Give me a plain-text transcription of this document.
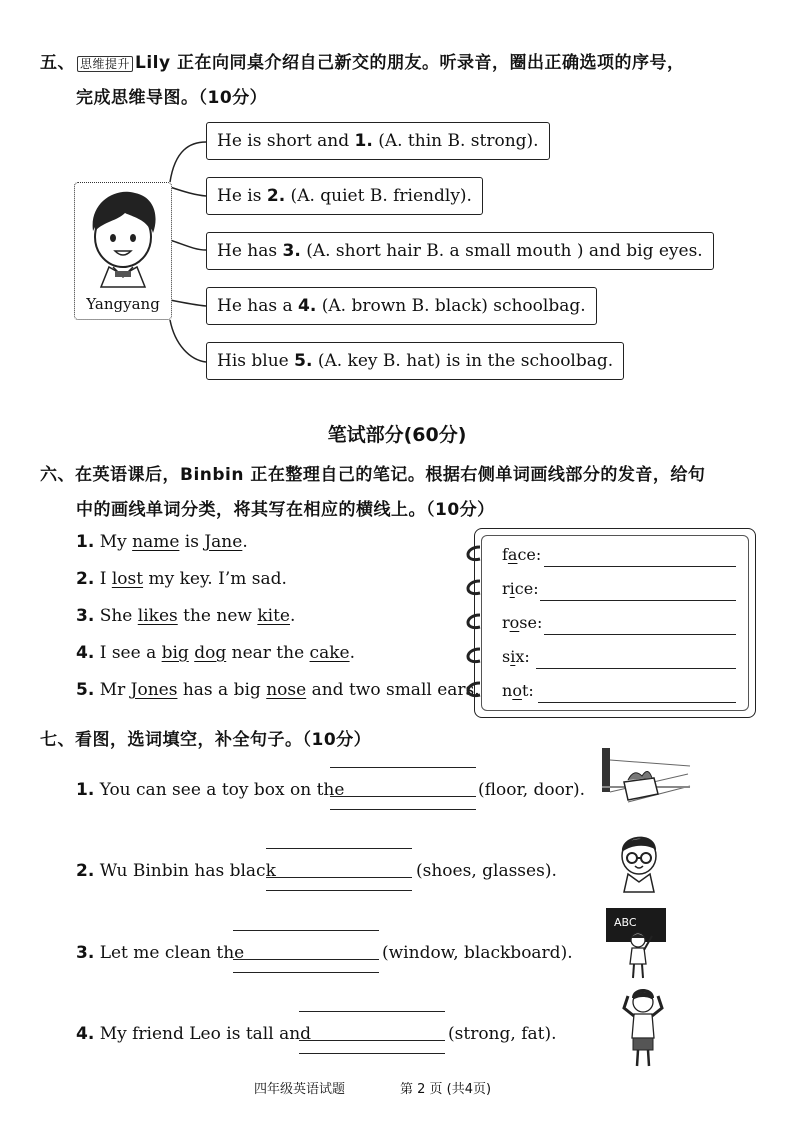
五、 思维提升 Lily 正在向同桌介绍自己新交的朋友。听录音，圈出正确选项的序号，
完成思维导图。（10分）
Yangyang
He is short and 1. (A. thin B. strong).
He is 2. (A. quiet B. friendly).
He has 3. (A. short hair B. a small mouth ) and big eyes.
He has a 4. (A. brown B. black) schoolbag.
His blue 5. (A. key B. hat) is in the schoolbag.
笔试部分(60分)
六、在英语课后，Binbin 正在整理自己的笔记。根据右侧单词画线部分的发音，给句
中的画线单词分类，将其写在相应的横线上。（10分）
1. My name is Jane.
2. I lost my key. I’m sad.
3. She likes the new kite.
4. I see a big dog near the cake.
5. Mr Jones has a big nose and two small ears.
face:
rice:
rose:
six:
not:
七、看图，选词填空，补全句子。（10分）
1. You can see a toy box on the	(floor, door).
2. Wu Binbin has black	(shoes, glasses).
3. Let me clean the	(window, blackboard).
ABC
4. My friend Leo is tall and	(strong, fat).
四年级英语试题	第 2 页 (共4页)
